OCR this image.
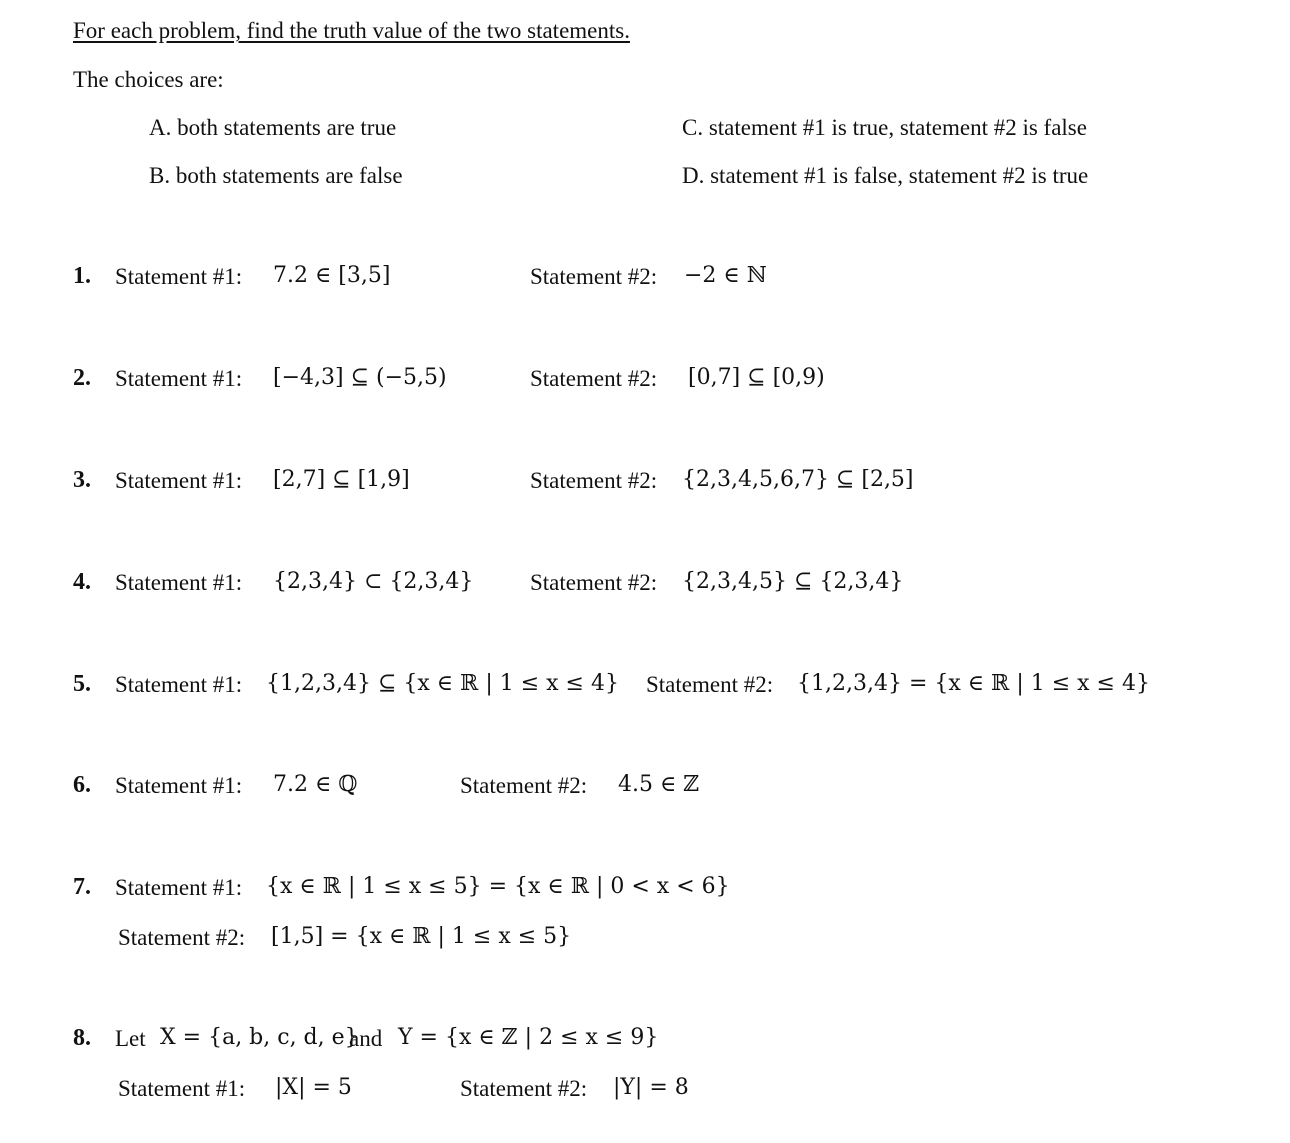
For each problem, find the truth value of the two statements.
The choices are:
A. both statements are true
B. both statements are false
C. statement #1 is true, statement #2 is false
D. statement #1 is false, statement #2 is true
1. Statement #1: 7.2 ∈ [3,5]	Statement #2: −2 ∈ ℕ
2. Statement #1: [−4,3] ⊆ (−5,5)	Statement #2: [0,7] ⊆ [0,9)
3. Statement #1: [2,7] ⊆ [1,9]	Statement #2: {2,3,4,5,6,7} ⊆ [2,5]
4. Statement #1: {2,3,4} ⊂ {2,3,4} Statement #2: {2,3,4,5} ⊆ {2,3,4}
5. Statement #1: {1,2,3,4} ⊆ {x ∈ ℝ | 1 ≤ x ≤ 4} Statement #2: {1,2,3,4} = {x ∈ ℝ | 1 ≤ x ≤ 4}
6. Statement #1: 7.2 ∈ ℚ	Statement #2: 4.5 ∈ ℤ
7. Statement #1: {x ∈ ℝ | 1 ≤ x ≤ 5} = {x ∈ ℝ | 0 < x < 6}
Statement #2: [1,5] = {x ∈ ℝ | 1 ≤ x ≤ 5}
8. Let X = {a, b, c, d, e}
and Y = {x ∈ ℤ | 2 ≤ x ≤ 9}
Statement #1: |X| = 5	Statement #2: |Y| = 8
